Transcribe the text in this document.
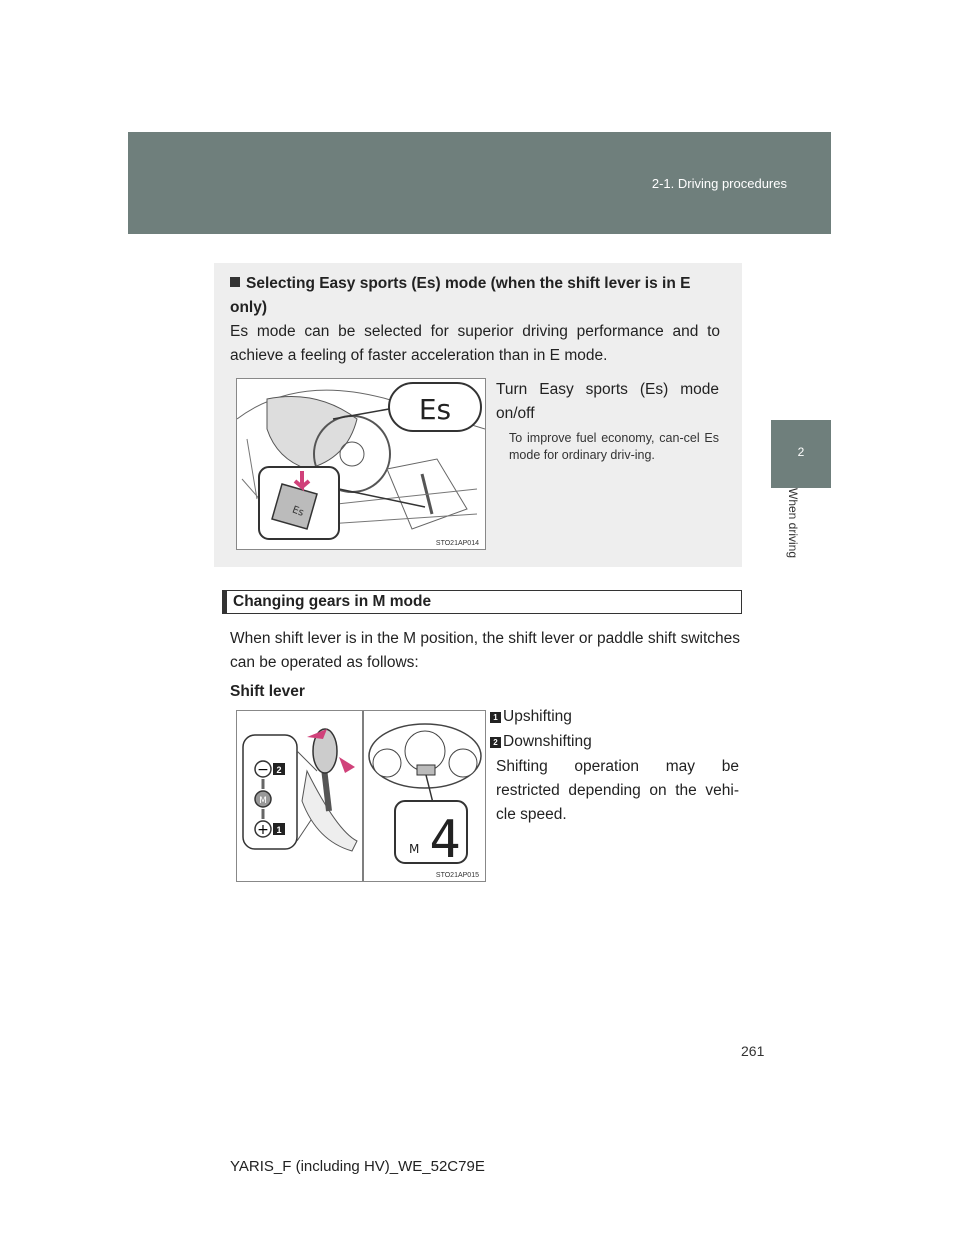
2-1. Driving procedures
2
When driving
Selecting Easy sports (Es) mode (when the shift lever is in E only)
Es mode can be selected for superior driving performance and to achieve a feeling of faster acceleration than in E mode.
Es
Es
STO21AP014
Turn Easy sports (Es) mode on/off
To improve fuel economy, can-cel Es mode for ordinary driv-ing.
Changing gears in M mode
When shift lever is in the M position, the shift lever or paddle shift switches can be operated as follows:
Shift lever
−
M
+
2
1
M 4
STO21AP015
1 Upshifting
2 Downshifting
Shifting operation may be restricted depending on the vehi-cle speed.
261
YARIS_F (including HV)_WE_52C79E
